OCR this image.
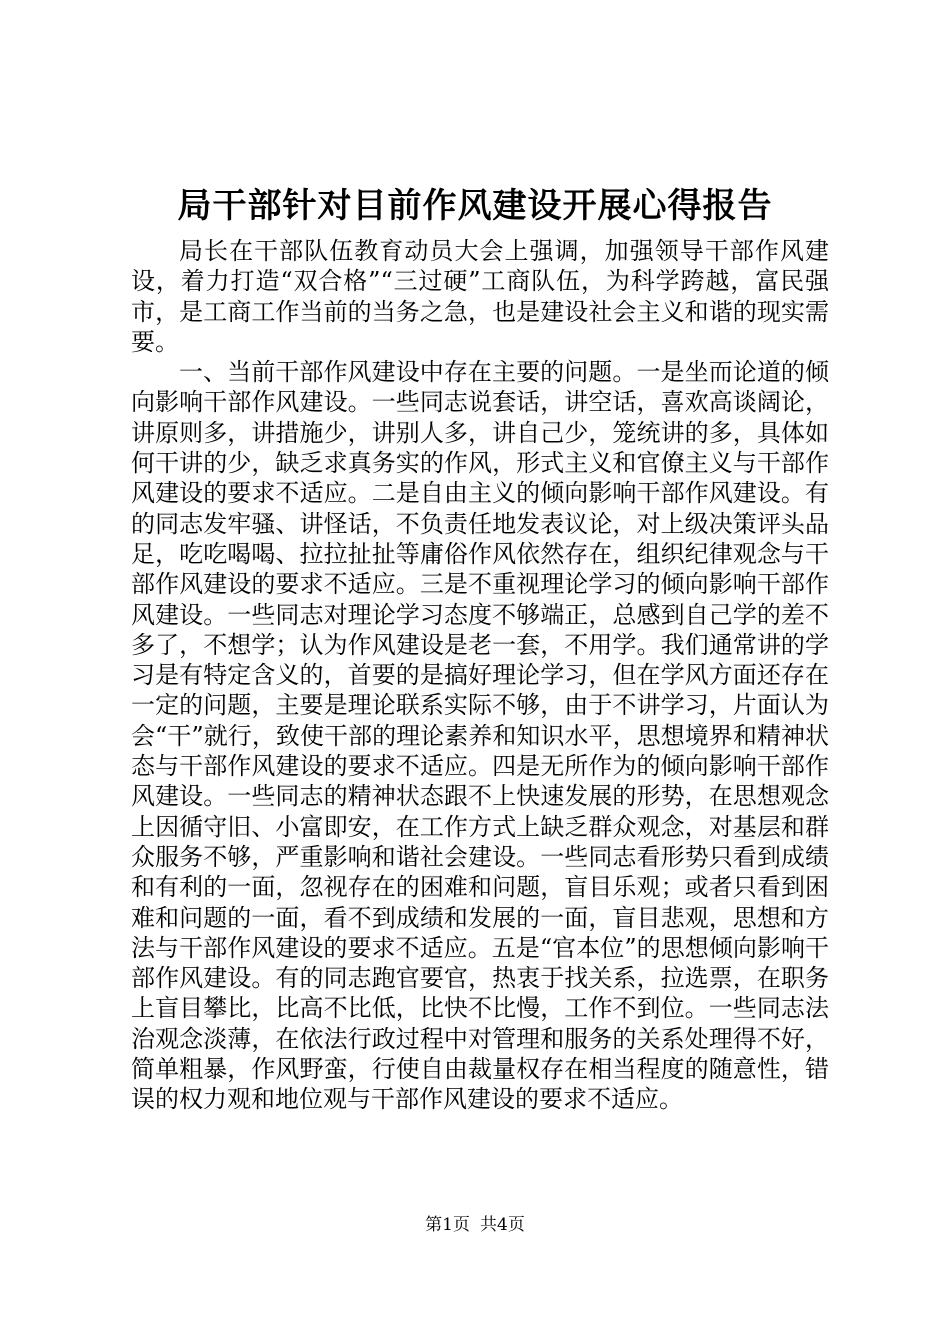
局干部针对目前作风建设开展心得报告

局长在干部队伍教育动员大会上强调，加强领导干部作风建设，着力打造“双合格”“三过硬”工商队伍，为科学跨越，富民强市，是工商工作当前的当务之急，也是建设社会主义和谐的现实需要。

一、当前干部作风建设中存在主要的问题。一是坐而论道的倾向影响干部作风建设。一些同志说套话，讲空话，喜欢高谈阔论，讲原则多，讲措施少，讲别人多，讲自己少，笼统讲的多，具体如何干讲的少，缺乏求真务实的作风，形式主义和官僚主义与干部作风建设的要求不适应。二是自由主义的倾向影响干部作风建设。有的同志发牢骚、讲怪话，不负责任地发表议论，对上级决策评头品足，吃吃喝喝、拉拉扯扯等庸俗作风依然存在，组织纪律观念与干部作风建设的要求不适应。三是不重视理论学习的倾向影响干部作风建设。一些同志对理论学习态度不够端正，总感到自己学的差不多了，不想学；认为作风建设是老一套，不用学。我们通常讲的学习是有特定含义的，首要的是搞好理论学习，但在学风方面还存在一定的问题，主要是理论联系实际不够，由于不讲学习，片面认为会“干”就行，致使干部的理论素养和知识水平，思想境界和精神状态与干部作风建设的要求不适应。四是无所作为的倾向影响干部作风建设。一些同志的精神状态跟不上快速发展的形势，在思想观念上因循守旧、小富即安，在工作方式上缺乏群众观念，对基层和群众服务不够，严重影响和谐社会建设。一些同志看形势只看到成绩和有利的一面，忽视存在的困难和问题，盲目乐观；或者只看到困难和问题的一面，看不到成绩和发展的一面，盲目悲观，思想和方法与干部作风建设的要求不适应。五是“官本位”的思想倾向影响干部作风建设。有的同志跑官要官，热衷于找关系，拉选票，在职务上盲目攀比，比高不比低，比快不比慢，工作不到位。一些同志法治观念淡薄，在依法行政过程中对管理和服务的关系处理得不好，简单粗暴，作风野蛮，行使自由裁量权存在相当程度的随意性，错误的权力观和地位观与干部作风建设的要求不适应。

第1页 共4页
